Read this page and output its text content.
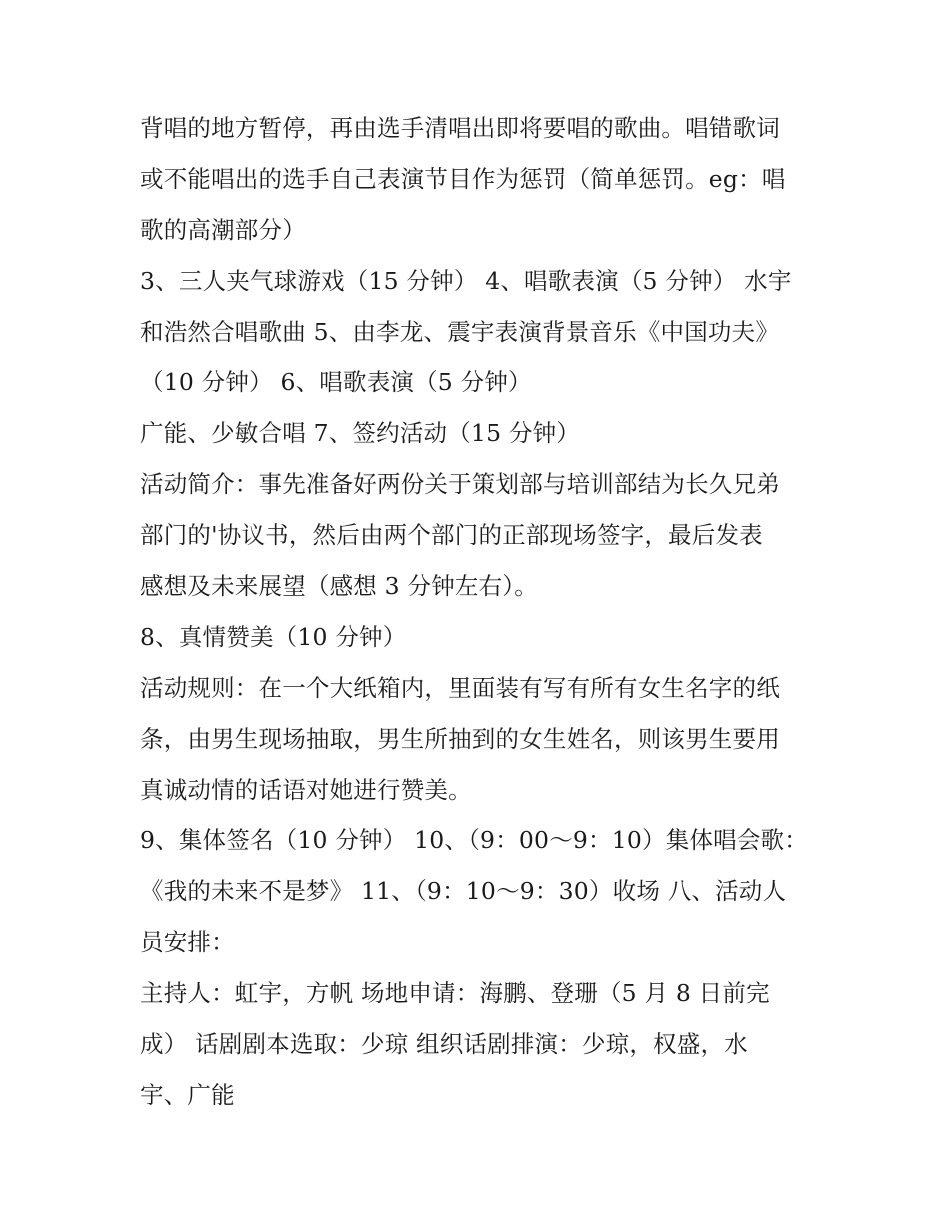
背唱的地方暂停，再由选手清唱出即将要唱的歌曲。唱错歌词
或不能唱出的选手自己表演节目作为惩罚（简单惩罚。eg：唱
歌的高潮部分）
3、三人夹气球游戏（15 分钟） 4、唱歌表演（5 分钟） 水宇
和浩然合唱歌曲 5、由李龙、震宇表演背景音乐《中国功夫》
（10 分钟） 6、唱歌表演（5 分钟）
广能、少敏合唱 7、签约活动（15 分钟）
活动简介：事先准备好两份关于策划部与培训部结为长久兄弟
部门的'协议书，然后由两个部门的正部现场签字，最后发表
感想及未来展望（感想 3 分钟左右）。
8、真情赞美（10 分钟）
活动规则：在一个大纸箱内，里面装有写有所有女生名字的纸
条，由男生现场抽取，男生所抽到的女生姓名，则该男生要用
真诚动情的话语对她进行赞美。
9、集体签名（10 分钟） 10、（9：00～9：10）集体唱会歌：
《我的未来不是梦》 11、（9：10～9：30）收场 八、活动人
员安排：
主持人：虹宇，方帆 场地申请：海鹏、登珊（5 月 8 日前完
成） 话剧剧本选取：少琼 组织话剧排演：少琼，权盛，水
宇、广能
